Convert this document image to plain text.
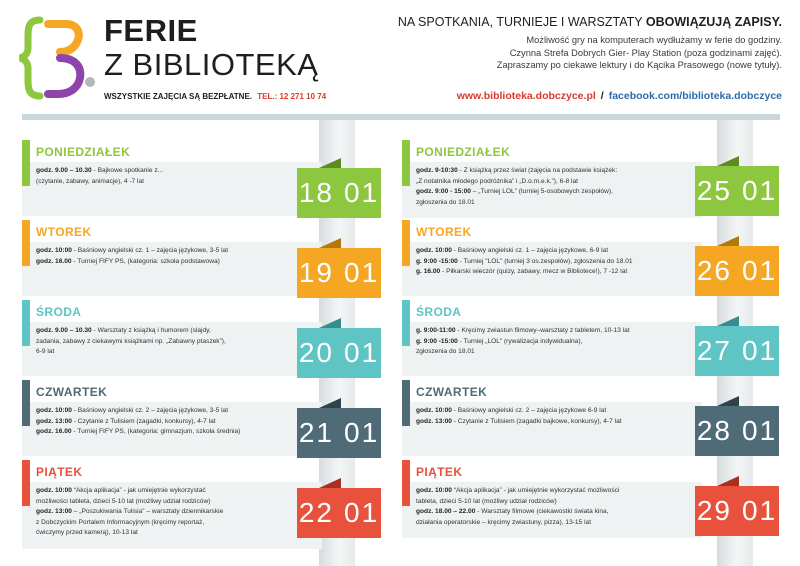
FERIE
Z BIBLIOTEKĄ
WSZYSTKIE ZAJĘCIA SĄ BEZPŁATNE. TEL.: 12 271 10 74
NA SPOTKANIA, TURNIEJE I WARSZTATY OBOWIĄZUJĄ ZAPISY.
Możliwość gry na komputerach wydłużamy w ferie do godziny.
Czynna Strefa Dobrych Gier- Play Station (poza godzinami zajęć).
Zapraszamy po ciekawe lektury i do Kącika Prasowego (nowe tytuły).
www.biblioteka.dobczyce.pl / facebook.com/biblioteka.dobczyce
PONIEDZIAŁEK
godz. 9.00 – 10.30 - Bajkowe spotkanie z...
(czytanie, zabawy, animacje), 4 -7 lat	18 01
WTOREK
godz. 10:00 - Baśniowy angielski cz. 1 – zajęcia językowe, 3-5 lat
godz. 16.00 - Turniej FIFY PS, (kategoria: szkoła podstawowa)	19 01
ŚRODA
godz. 9.00 – 10.30 - Warsztaty z książką i humorem (slajdy,
zadania, zabawy z ciekawymi książkami np. „Zabawny ptaszek”),
6-9 lat	20 01
CZWARTEK
godz. 10:00 - Baśniowy angielski cz. 2 – zajęcia językowe, 3-5 lat
godz. 13:00 - Czytanie z Tulisiem (zagadki, konkursy), 4-7 lat
godz. 16.00 - Turniej FIFY PS, (kategoria: gimnazjum, szkoła średnia)	21 01
PIĄTEK
godz. 10:00 “Akcja aplikacja” - jak umiejętnie wykorzystać
możliwości tableta, dzieci 5-10 lat (możliwy udział rodziców)
godz. 13:00 – „Poszukiwania Tulisia” – warsztaty dziennikarskie
z Dobczyckim Portalem Informacyjnym (kręcimy reportaż,
ćwiczymy przed kamerą), 10-13 lat
22 01
PONIEDZIAŁEK
godz. 9-10:30 - Z książką przez świat (zajęcia na podstawie książek:
„Z notatnika młodego podróżnika” i „D.o.m.e.k.”), 6-8 lat
godz. 9:00 - 15:00 – „Turniej LOL” (turniej 5-osobowych zespołów),
zgłoszenia do 18.01	25 01
WTOREK
godz. 10:00 - Baśniowy angielski cz. 1 – zajęcia językowe, 6-9 lat
g. 9:00 -15:00 - Turniej "LOL" (turniej 3 os.zespołów), zgłoszenia do 18.01
g. 16.00 - Piłkarski wieczór (quizy, zabawy, mecz w Bibliotece!), 7 -12 lat	26 01
ŚRODA
g. 9:00-11:00 - Kręcimy zwiastun filmowy–warsztaty z tabletem, 10-13 lat
g. 9:00 -15:00 - Turniej „LOL” (rywalizacja indywidualna),
zgłoszenia do 18.01	27 01
CZWARTEK
godz. 10:00 - Baśniowy angielski cz. 2 – zajęcia językowe 6-9 lat
godz. 13:00 - Czytanie z Tulisiem (zagadki bajkowe, konkursy), 4-7 lat	28 01
PIĄTEK
godz. 10:00 “Akcja aplikacja” - jak umiejętnie wykorzystać możliwości
tableta, dzieci 5-10 lat (możliwy udział rodziców)
godz. 18.00 – 22.00 - Warsztaty filmowe (ciekawostki świata kina,
działania operatorskie – kręcimy zwiastuny, pizza), 13-15 lat	29 01
